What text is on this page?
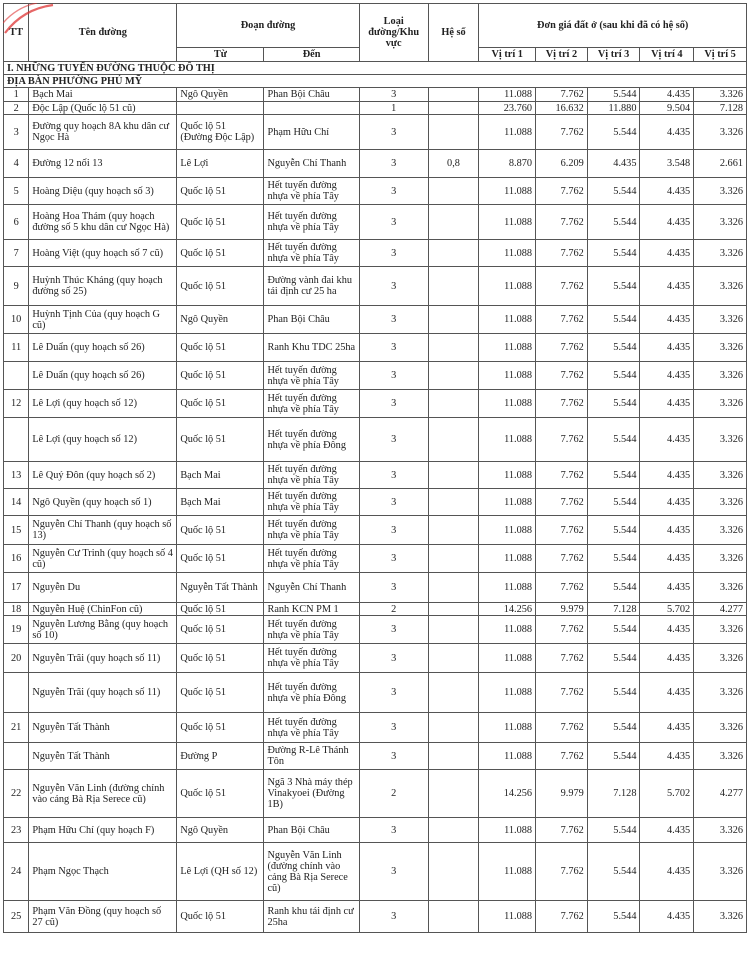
TT	Tên đường	Đoạn đường		Loại đường/Khu vực	Hệ số	Đơn giá đất ở (sau khi đã có hệ số)				
		Từ	Đến			Vị trí 1	Vị trí 2	Vị trí 3	Vị trí 4	Vị trí 5
I. NHỮNG TUYẾN ĐƯỜNG THUỘC ĐÔ THỊ										
ĐỊA BÀN PHƯỜNG PHÚ MỸ										
1	Bạch Mai	Ngô Quyền	Phan Bội Châu	3		11.088	7.762	5.544	4.435	3.326
2	Độc Lập (Quốc lộ 51 cũ)			1		23.760	16.632	11.880	9.504	7.128
3	Đường quy hoạch 8A khu dân cư Ngọc Hà	Quốc lộ 51 (Đường Độc Lập)	Phạm Hữu Chí	3		11.088	7.762	5.544	4.435	3.326
4	Đường 12 nối 13	Lê Lợi	Nguyễn Chí Thanh	3	0,8	8.870	6.209	4.435	3.548	2.661
5	Hoàng Diệu (quy hoạch số 3)	Quốc lộ 51	Hết tuyến đường nhựa về phía Tây	3		11.088	7.762	5.544	4.435	3.326
6	Hoàng Hoa Thám (quy hoạch đường số 5 khu dân cư Ngọc Hà)	Quốc lộ 51	Hết tuyến đường nhựa về phía Tây	3		11.088	7.762	5.544	4.435	3.326
7	Hoàng Việt (quy hoạch số 7 cũ)	Quốc lộ 51	Hết tuyến đường nhựa về phía Tây	3		11.088	7.762	5.544	4.435	3.326
9	Huỳnh Thúc Kháng (quy hoạch đường số 25)	Quốc lộ 51	Đường vành đai khu tái định cư 25 ha	3		11.088	7.762	5.544	4.435	3.326
10	Huỳnh Tịnh Của (quy hoạch G cũ)	Ngô Quyền	Phan Bội Châu	3		11.088	7.762	5.544	4.435	3.326
11	Lê Duẩn (quy hoạch số 26)	Quốc lộ 51	Ranh Khu TDC 25ha	3		11.088	7.762	5.544	4.435	3.326
	Lê Duẩn (quy hoạch số 26)	Quốc lộ 51	Hết tuyến đường nhựa về phía Tây	3		11.088	7.762	5.544	4.435	3.326
12	Lê Lợi (quy hoạch số 12)	Quốc lộ 51	Hết tuyến đường nhựa về phía Tây	3		11.088	7.762	5.544	4.435	3.326
	Lê Lợi (quy hoạch số 12)	Quốc lộ 51	Hết tuyến đường nhựa về phía Đông	3		11.088	7.762	5.544	4.435	3.326
13	Lê Quý Đôn (quy hoạch số 2)	Bạch Mai	Hết tuyến đường nhựa về phía Tây	3		11.088	7.762	5.544	4.435	3.326
14	Ngô Quyền (quy hoạch số 1)	Bạch Mai	Hết tuyến đường nhựa về phía Tây	3		11.088	7.762	5.544	4.435	3.326
15	Nguyễn Chí Thanh (quy hoạch số 13)	Quốc lộ 51	Hết tuyến đường nhựa về phía Tây	3		11.088	7.762	5.544	4.435	3.326
16	Nguyễn Cư Trinh (quy hoạch số 4 cũ)	Quốc lộ 51	Hết tuyến đường nhựa về phía Tây	3		11.088	7.762	5.544	4.435	3.326
17	Nguyễn Du	Nguyễn Tất Thành	Nguyễn Chí Thanh	3		11.088	7.762	5.544	4.435	3.326
18	Nguyễn Huệ (ChinFon cũ)	Quốc lộ 51	Ranh KCN PM 1	2		14.256	9.979	7.128	5.702	4.277
19	Nguyễn Lương Bằng (quy hoạch số 10)	Quốc lộ 51	Hết tuyến đường nhựa về phía Tây	3		11.088	7.762	5.544	4.435	3.326
20	Nguyễn Trãi (quy hoạch số 11)	Quốc lộ 51	Hết tuyến đường nhựa về phía Tây	3		11.088	7.762	5.544	4.435	3.326
	Nguyễn Trãi (quy hoạch số 11)	Quốc lộ 51	Hết tuyến đường nhựa về phía Đông	3		11.088	7.762	5.544	4.435	3.326
21	Nguyễn Tất Thành	Quốc lộ 51	Hết tuyến đường nhựa về phía Tây	3		11.088	7.762	5.544	4.435	3.326
	Nguyễn Tất Thành	Đường P	Đường R-Lê Thánh Tôn	3		11.088	7.762	5.544	4.435	3.326
22	Nguyễn Văn Linh (đường chính vào cảng Bà Rịa Serece cũ)	Quốc lộ 51	Ngã 3 Nhà máy thép Vinakyoei (Đường 1B)	2		14.256	9.979	7.128	5.702	4.277
23	Phạm Hữu Chí (quy hoạch F)	Ngô Quyền	Phan Bội Châu	3		11.088	7.762	5.544	4.435	3.326
24	Phạm Ngọc Thạch	Lê Lợi (QH số 12)	Nguyễn Văn Linh (đường chính vào cảng Bà Rịa Serece cũ)	3		11.088	7.762	5.544	4.435	3.326
25	Phạm Văn Đồng (quy hoạch số 27 cũ)	Quốc lộ 51	Ranh khu tái định cư 25ha	3		11.088	7.762	5.544	4.435	3.326
